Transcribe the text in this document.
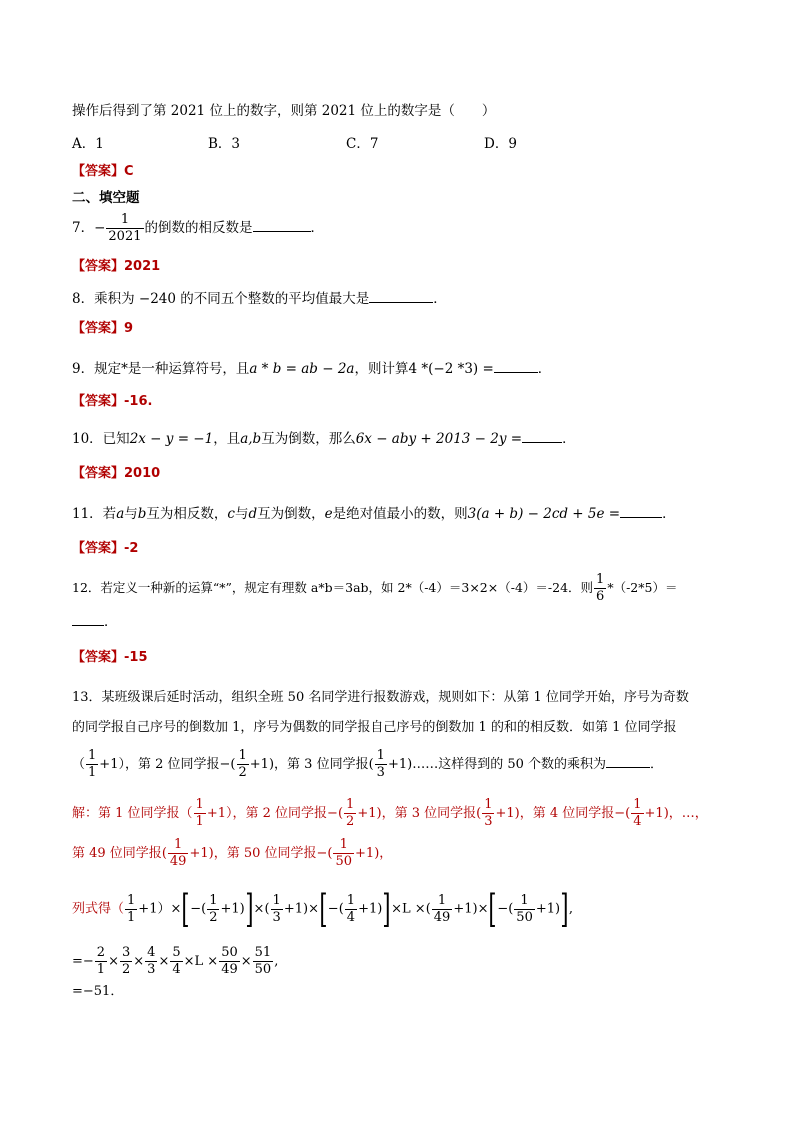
操作后得到了第 2021 位上的数字，则第 2021 位上的数字是（　　）
A．1	B．3	C．7	D．9
【答案】C
二、填空题
7．− $\frac{1}{2021}$ 的倒数的相反数是	．
【答案】2021
8．乘积为 −240 的不同五个整数的平均值最大是	．
【答案】9
9．规定*是一种运算符号，且a * b = ab − 2a，则计算4 *(−2 *3) =	．
【答案】-16.
10．已知2x − y = −1，且a,b互为倒数，那么6x − aby + 2013 − 2y =	．
【答案】2010
11．若a与b互为相反数，c与d互为倒数，e是绝对值最小的数，则3(a + b) − 2cd + 5e =	．
【答案】-2
12．若定义一种新的运算“*”，规定有理数 a*b＝3ab，如 2*（-4）＝3×2×（-4）＝-24．则 $\frac{1}{6} *(-2*5)=$
．
【答案】-15
13．某班级课后延时活动，组织全班 50 名同学进行报数游戏，规则如下：从第 1 位同学开始，序号为奇数
的同学报自己序号的倒数加 1，序号为偶数的同学报自己序号的倒数加 1 的和的相反数．如第 1 位同学报
（ $\frac{1}{1} +1$），第 2 位同学报−( $\frac{1}{2} +1$)，第 3 位同学报( $\frac{1}{3}$ +1)……这样得到的 50 个数的乘积为	．
解：第 1 位同学报（ $\frac{1}{1} +1$），第 2 位同学报−( $\frac{1}{2} +1$)，第 3 位同学报( $\frac{1}{3} +1$)，第 4 位同学报−( $\frac{1}{4} +1$)，…，
第 49 位同学报( $\frac{1}{49} +1$)，第 50 位同学报−( $\frac{1}{50} +1$)，
列式得（ $\frac{1}{1} +1)\times[-( \frac{1}{2} +1)]\times( \frac{1}{3} +1)\times[-( \frac{1}{4} +1)]\times L$ ×( $\frac{1}{49} +1)\times[-( \frac{1}{50} +1)]$,
=− $\frac{2}{1} \times \frac{3}{2} \times \frac{4}{3} \times \frac{5}{4} \times L \times \frac{50}{49} \times \frac{51}{50}$ ,
=−51．
